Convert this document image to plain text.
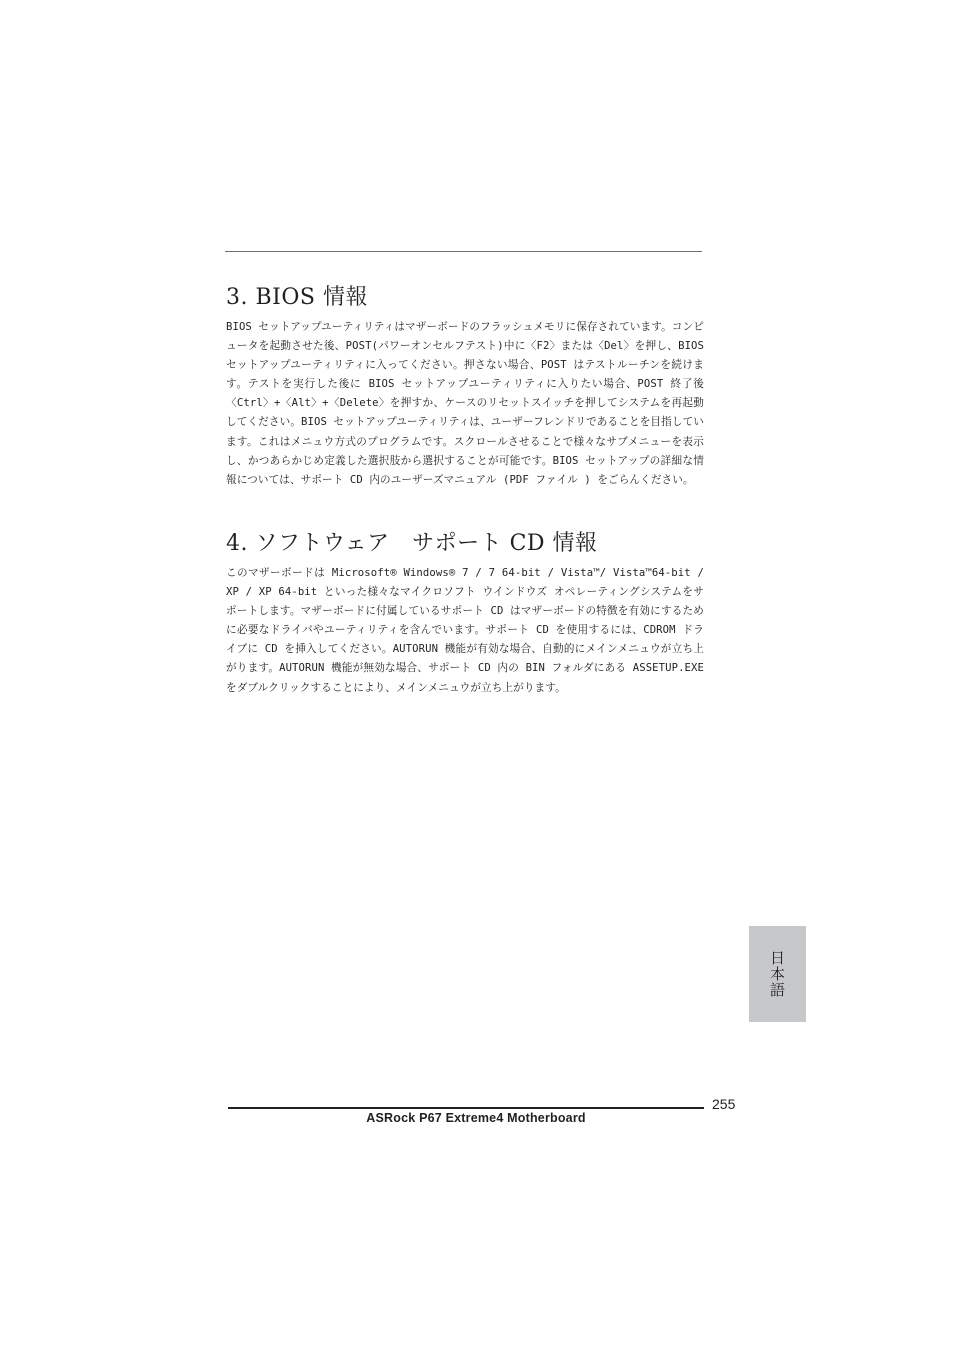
3. BIOS 情報

BIOS セットアップユーティリティはマザーボードのフラッシュメモリに保存されています。コンピュータを起動させた後、POST(パワーオンセルフテスト)中に〈F2〉または〈Del〉を押し、BIOS セットアップユーティリティに入ってください。押さない場合、POST はテストルーチンを続けます。テストを実行した後に BIOS セットアップユーティリティに入りたい場合、POST 終了後〈Ctrl〉+〈Alt〉+〈Delete〉を押すか、ケースのリセットスイッチを押してシステムを再起動してください。BIOS セットアップユーティリティは、ユーザーフレンドリであることを目指しています。これはメニュウ方式のプログラムです。スクロールさせることで様々なサブメニューを表示し、かつあらかじめ定義した選択肢から選択することが可能です。BIOS セットアップの詳細な情報については、サポート CD 内のユーザーズマニュアル (PDF ファイル ) をごらんください。

4. ソフトウェア　サポート CD 情報

このマザーボードは Microsoft® Windows® 7 / 7 64-bit / Vista™/ Vista™64-bit / XP / XP 64-bit といった様々なマイクロソフト ウインドウズ オペレーティングシステムをサポートします。マザーボードに付属しているサポート CD はマザーボードの特徴を有効にするために必要なドライバやユーティリティを含んでいます。サポート CD を使用するには、CDROM ドライブに CD を挿入してください。AUTORUN 機能が有効な場合、自動的にメインメニュウが立ち上がります。AUTORUN 機能が無効な場合、サポート CD 内の BIN フォルダにある ASSETUP.EXE をダブルクリックすることにより、メインメニュウが立ち上がります。

日本語
255
ASRock P67 Extreme4 Motherboard
